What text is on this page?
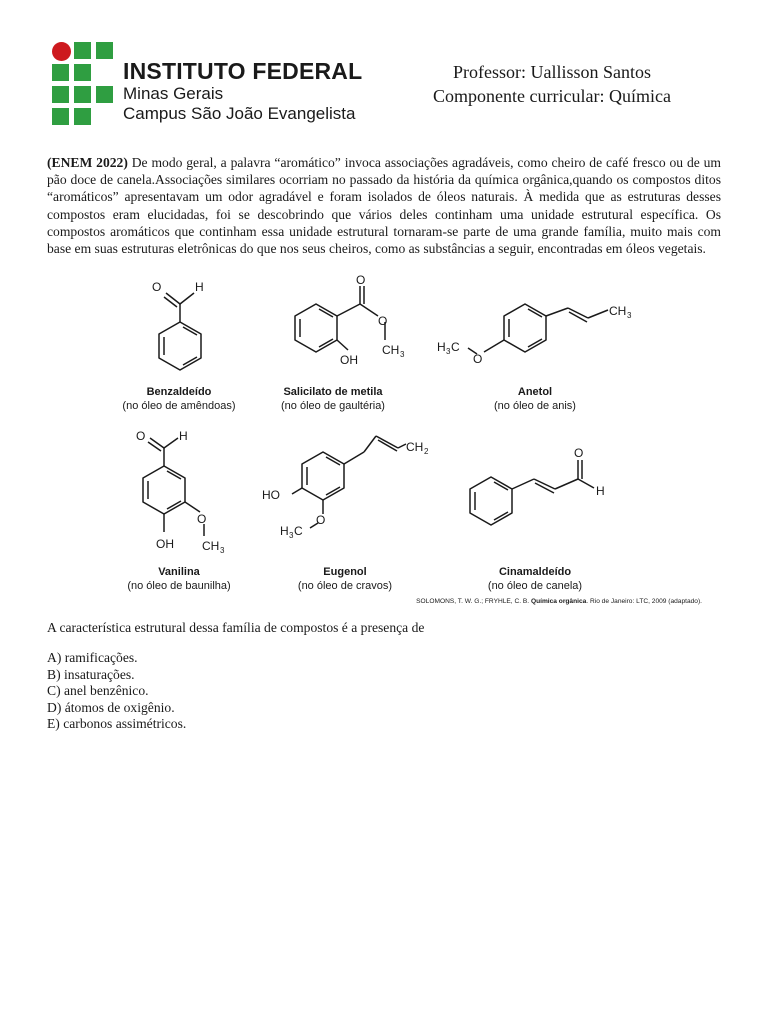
INSTITUTO FEDERAL
Minas Gerais
Campus São João Evangelista
Professor: Uallisson Santos
Componente curricular: Química
(ENEM 2022) De modo geral, a palavra “aromático” invoca associações agradáveis, como cheiro de café fresco ou de um pão doce de canela.Associações similares ocorriam no passado da história da química orgânica,quando os compostos ditos “aromáticos” apresentavam um odor agradável e foram isolados de óleos naturais. À medida que as estruturas desses compostos eram elucidadas, foi se descobrindo que vários deles continham uma unidade estrutural específica. Os compostos aromáticos que continham essa unidade estrutural tornaram-se parte de uma grande família, muito mais com base em suas estruturas eletrônicas do que nos seus cheiros, como as substâncias a seguir, encontradas em óleos vegetais.
O	H	O
O
CH 3
OH
CH 3
O
H 3 C
O	H
OH
O
CH 3
CH 2
HO
O
H 3 C
O
H
Benzaldeído
(no óleo de amêndoas)
Salicilato de metila
(no óleo de gaultéria)
Anetol
(no óleo de anis)
Vanilina
(no óleo de baunilha)
Eugenol
(no óleo de cravos)
Cinamaldeído
(no óleo de canela)
SOLOMONS, T. W. G.; FRYHLE, C. B. Química orgânica. Rio de Janeiro: LTC, 2009 (adaptado).
A característica estrutural dessa família de compostos é a presença de
A) ramificações.
B) insaturações.
C) anel benzênico.
D) átomos de oxigênio.
E) carbonos assimétricos.
